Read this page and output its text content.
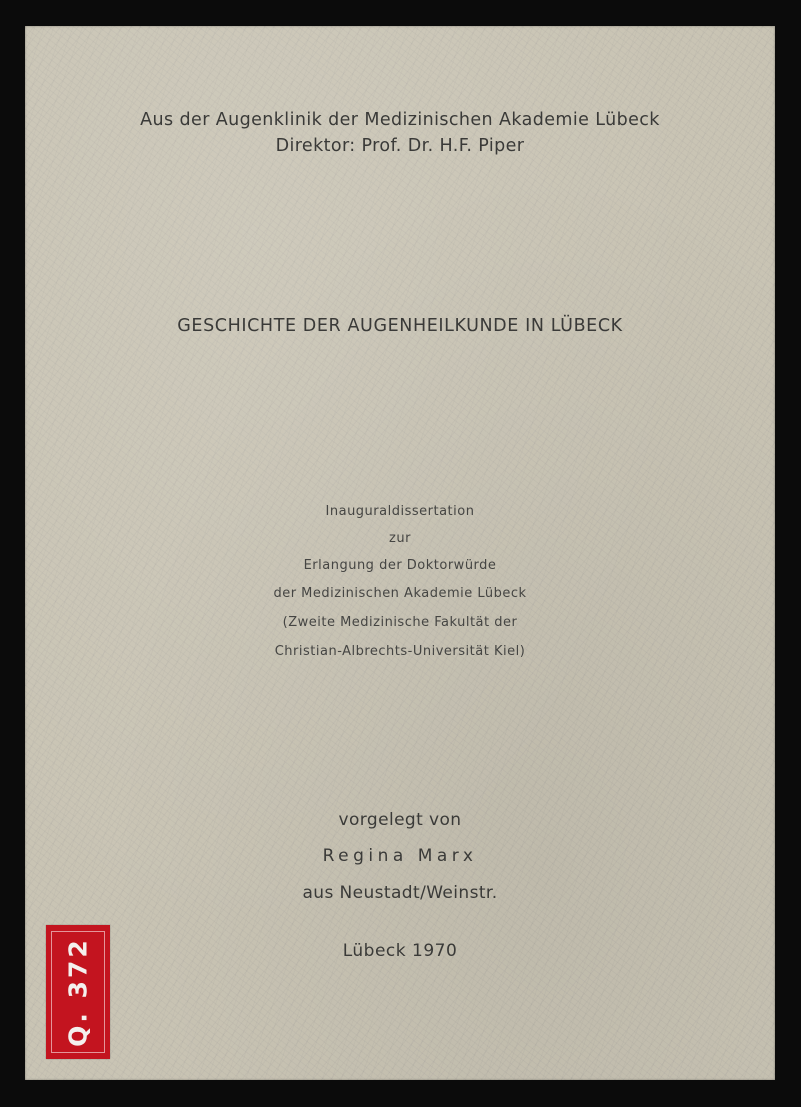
Aus der Augenklinik der Medizinischen Akademie Lübeck
Direktor: Prof. Dr. H.F. Piper
GESCHICHTE DER AUGENHEILKUNDE IN LÜBECK
Inauguraldissertation
zur
Erlangung der Doktorwürde
der Medizinischen Akademie Lübeck
(Zweite Medizinische Fakultät der
Christian-Albrechts-Universität Kiel)
vorgelegt von
Regina Marx
aus Neustadt/Weinstr.
Lübeck 1970
Q. 372
